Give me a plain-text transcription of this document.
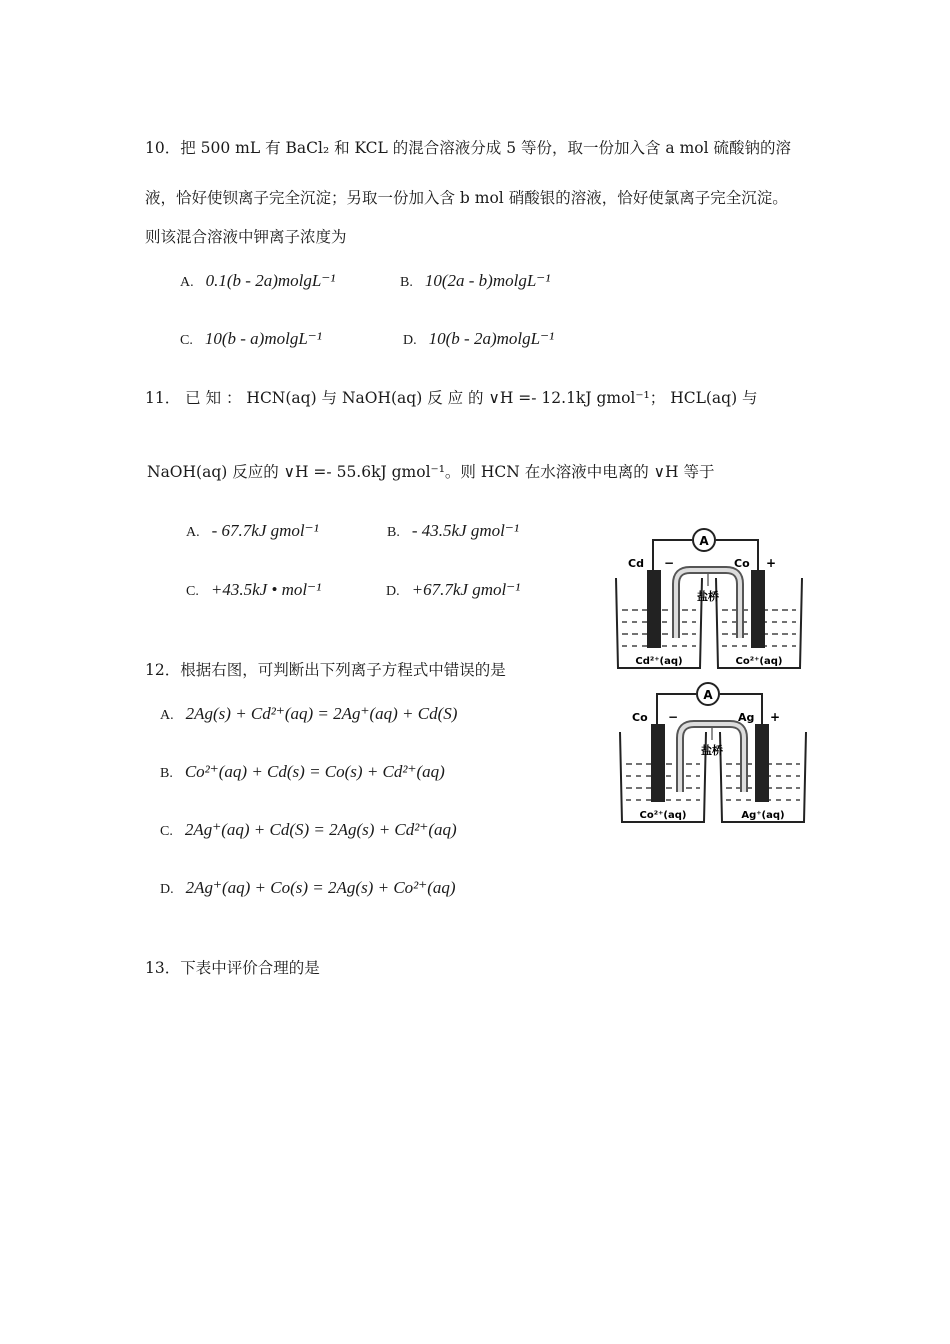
10．把 500 mL 有 BaCl₂ 和 KCL 的混合溶液分成 5 等份，取一份加入含 a mol 硫酸钠的溶
液，恰好使钡离子完全沉淀；另取一份加入含 b mol 硝酸银的溶液，恰好使氯离子完全沉淀。
则该混合溶液中钾离子浓度为
A. 0.1(b - 2a)molgL⁻¹	B. 10(2a - b)molgL⁻¹
C. 10(b - a)molgL⁻¹	D. 10(b - 2a)molgL⁻¹
11． 已 知 ： HCN(aq) 与 NaOH(aq) 反 应 的 ∨H =- 12.1kJ gmol⁻¹； HCL(aq) 与
NaOH(aq) 反应的 ∨H =- 55.6kJ gmol⁻¹。则 HCN 在水溶液中电离的 ∨H 等于
A. - 67.7kJ gmol⁻¹	B. - 43.5kJ gmol⁻¹
C. +43.5kJ • mol⁻¹	D. +67.7kJ gmol⁻¹
12．根据右图，可判断出下列离子方程式中错误的是
A. 2Ag(s) + Cd²⁺(aq) = 2Ag⁺(aq) + Cd(S)
B. Co²⁺(aq) + Cd(s) = Co(s) + Cd²⁺(aq)
C. 2Ag⁺(aq) + Cd(S) = 2Ag(s) + Cd²⁺(aq)
D. 2Ag⁺(aq) + Co(s) = 2Ag(s) + Co²⁺(aq)
13．下表中评价合理的是
A
盐桥
Cd −	Co +
Cd²⁺(aq)	Co²⁺(aq)
A
盐桥
Co −	Ag +
Co²⁺(aq)	Ag⁺(aq)
